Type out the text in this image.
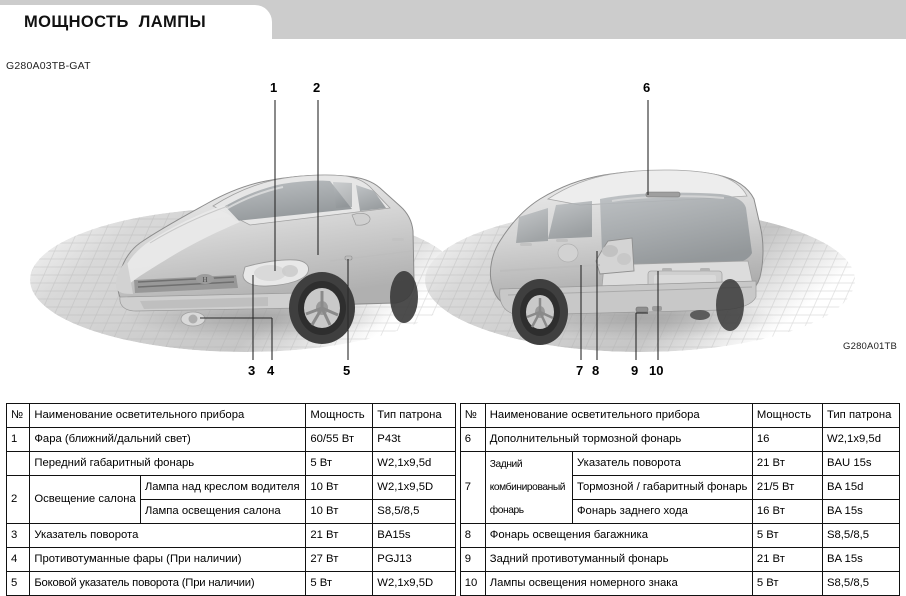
МОЩНОСТЬ  ЛАМПЫ
G280A03TB-GAT
G280A01TB
H
1	2
3 4	5
6
7 8 9 10
№	Наименование осветительного прибора		Мощность	Тип патрона
1	Фара (ближний/дальний свет)		60/55 Вт	P43t
	Передний габаритный фонарь		5 Вт	W2,1x9,5d
2	Освещение салона	Лампа над креслом водителя	10 Вт	W2,1x9,5D
		Лампа освещения салона	10 Вт	S8,5/8,5
3	Указатель поворота		21 Вт	BA15s
4	Противотуманные фары (При наличии)		27 Вт	PGJ13
5	Боковой указатель поворота (При наличии)		5 Вт	W2,1x9,5D
№	Наименование осветительного прибора		Мощность	Тип патрона
6	Дополнительный тормозной фонарь		16	W2,1x9,5d
7	Задний
комбинированый
фонарь	Указатель поворота	21 Вт	BAU 15s
		Тормозной / габаритный фонарь	21/5 Вт	BA 15d
		Фонарь заднего хода	16 Вт	BA 15s
8	Фонарь освещения багажника		5 Вт	S8,5/8,5
9	Задний противотуманный фонарь		21 Вт	BA 15s
10	Лампы освещения номерного знака		5 Вт	S8,5/8,5
